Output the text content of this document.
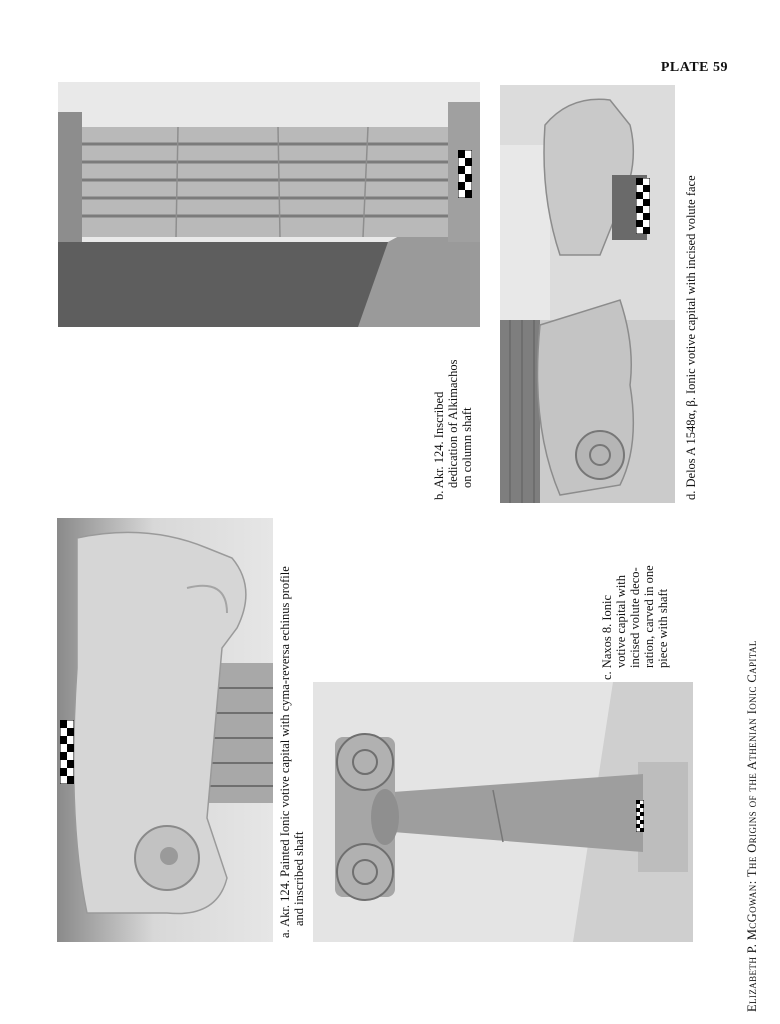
PLATE 59
a. Akr. 124. Painted Ionic votive capital with cyma-reversa echinus profile and inscribed shaft
b. Akr. 124. Inscribed dedication of Alkimachos on column shaft
c. Naxos 8. Ionic votive capital with incised volute deco- ration, carved in one piece with shaft
d. Delos A 1548α, β. Ionic votive capital with incised volute face
Elizabeth P. McGowan: The Origins of the Athenian Ionic Capital
